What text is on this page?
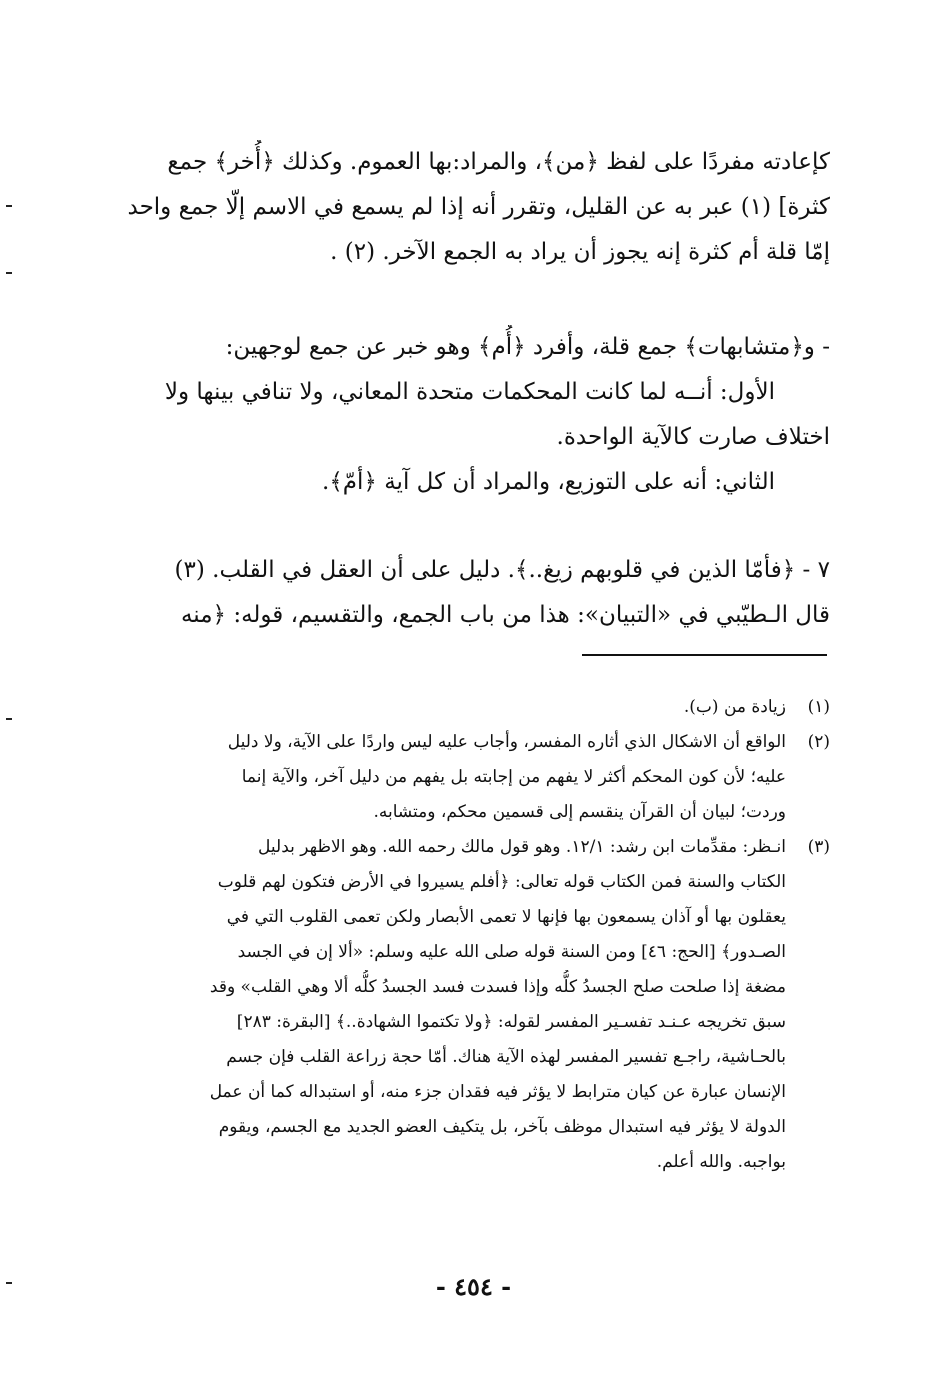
كإعادته مفردًا على لفظ ﴿من﴾، والمراد:بها العموم. وكذلك ﴿أُخر﴾ جمع
كثرة] (١) عبر به عن القليل، وتقرر أنه إذا لم يسمع في الاسم إلّا جمع واحد
إمّا قلة أم كثرة إنه يجوز أن يراد به الجمع الآخر. (٢) .
- و﴿متشابهات﴾ جمع قلة، وأفرد ﴿أُم﴾ وهو خبر عن جمع لوجهين:
الأول: أنــه لما كانت المحكمات متحدة المعاني، ولا تنافي بينها ولا
اختلاف صارت كالآية الواحدة.
الثاني: أنه على التوزيع، والمراد أن كل آية ﴿أمّ﴾.
٧ - ﴿فأمّا الذين في قلوبهم زيغ..﴾. دليل على أن العقل في القلب. (٣)
قال الـطيّبي في «التبيان»: هذا من باب الجمع، والتقسيم، قوله: ﴿منه
(١)
زيادة من (ب).
(٢)
الواقع أن الاشكال الذي أثاره المفسر، وأجاب عليه ليس واردًا على الآية، ولا دليل
عليه؛ لأن كون المحكم أكثر لا يفهم من إجابته بل يفهم من دليل آخر، والآية إنما
وردت؛ لبيان أن القرآن ينقسم إلى قسمين محكم، ومتشابه.
(٣)
انـظر: مقدِّمات ابن رشد: ١٢/١. وهو قول مالك رحمه الله. وهو الاظهر بدليل
الكتاب والسنة فمن الكتاب قوله تعالى: ﴿أفلم يسيروا في الأرض فتكون لهم قلوب
يعقلون بها أو آذان يسمعون بها فإنها لا تعمى الأبصار ولكن تعمى القلوب التي في
الصـدور﴾ [الحج: ٤٦] ومن السنة قوله صلى الله عليه وسلم: «ألا إن في الجسد
مضغة إذا صلحت صلح الجسدُ كلُّه وإذا فسدت فسد الجسدُ كلُّه ألا وهي القلب» وقد
سبق تخريجه عـنـد تفسـير المفسر لقوله: ﴿ولا تكتموا الشهادة..﴾ [البقرة: ٢٨٣]
بالحـاشية، راجـع تفسير المفسر لهذه الآية هناك. أمّا حجة زراعة القلب فإن جسم
الإنسان عبارة عن كيان مترابط لا يؤثر فيه فقدان جزء منه، أو استبداله كما أن عمل
الدولة لا يؤثر فيه استبدال موظف بآخر، بل يتكيف العضو الجديد مع الجسم، ويقوم
بواجبه. والله أعلم.
- ٤٥٤ -
